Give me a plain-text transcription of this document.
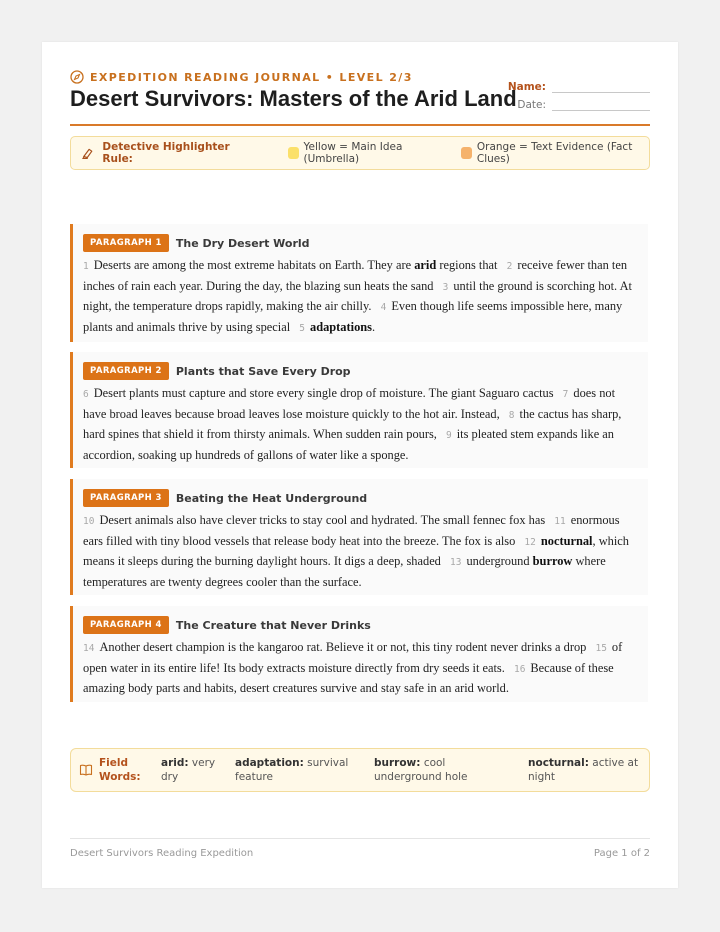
EXPEDITION READING JOURNAL • LEVEL 2/3
Desert Survivors: Masters of the Arid Land
Name:
Date:
Detective Highlighter Rule:
Yellow = Main Idea (Umbrella)
Orange = Text Evidence (Fact Clues)
PARAGRAPH 1	The Dry Desert World
1 Deserts are among the most extreme habitats on Earth. They are arid regions that 2 receive fewer than ten inches of rain each year. During the day, the blazing sun heats the sand 3 until the ground is scorching hot. At night, the temperature drops rapidly, making the air chilly. 4 Even though life seems impossible here, many plants and animals thrive by using special 5 adaptations.
PARAGRAPH 2	Plants that Save Every Drop
6 Desert plants must capture and store every single drop of moisture. The giant Saguaro cactus 7 does not have broad leaves because broad leaves lose moisture quickly to the hot air. Instead, 8 the cactus has sharp, hard spines that shield it from thirsty animals. When sudden rain pours, 9 its pleated stem expands like an accordion, soaking up hundreds of gallons of water like a sponge.
PARAGRAPH 3	Beating the Heat Underground
10 Desert animals also have clever tricks to stay cool and hydrated. The small fennec fox has 11 enormous ears filled with tiny blood vessels that release body heat into the breeze. The fox is also 12 nocturnal, which means it sleeps during the burning daylight hours. It digs a deep, shaded 13 underground burrow where temperatures are twenty degrees cooler than the surface.
PARAGRAPH 4	The Creature that Never Drinks
14 Another desert champion is the kangaroo rat. Believe it or not, this tiny rodent never drinks a drop 15 of open water in its entire life! Its body extracts moisture directly from dry seeds it eats. 16 Because of these amazing body parts and habits, desert creatures survive and stay safe in an arid world.
Field Words:
arid: very dry
adaptation: survival feature
burrow: cool underground hole
nocturnal: active at night
Desert Survivors Reading Expedition	Page 1 of 2
